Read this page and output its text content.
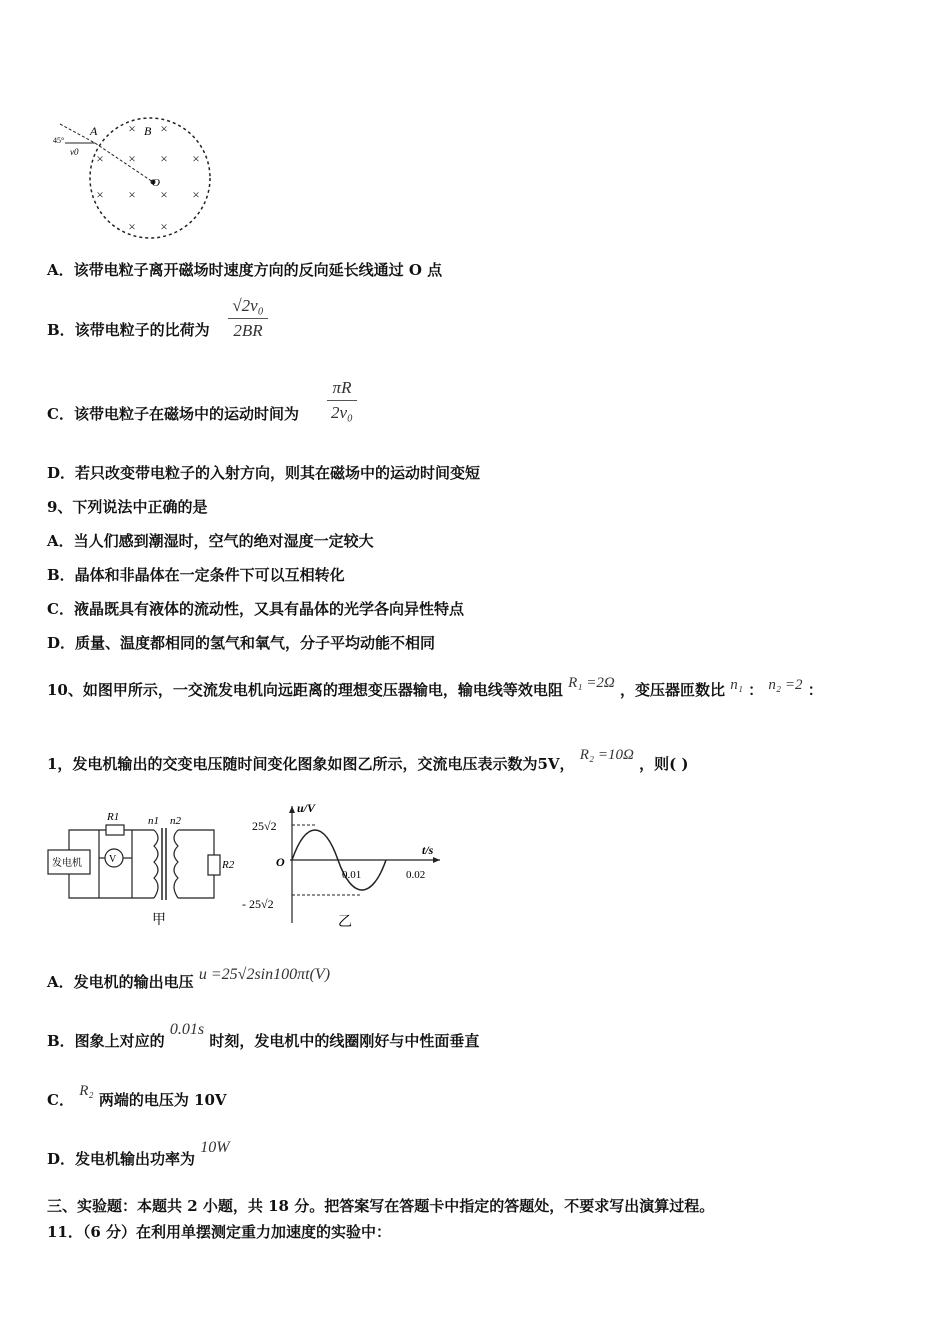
× ×
× × × ×
× × × ×
× ×
A	B
O
45°
v0
A．该带电粒子离开磁场时速度方向的反向延长线通过 O 点
B．该带电粒子的比荷为
√2v₀
2BR
C．该带电粒子在磁场中的运动时间为
πR
2v₀
D．若只改变带电粒子的入射方向，则其在磁场中的运动时间变短
9、下列说法中正确的是
A．当人们感到潮湿时，空气的绝对湿度一定较大
B．晶体和非晶体在一定条件下可以互相转化
C．液晶既具有液体的流动性，又具有晶体的光学各向异性特点
D．质量、温度都相同的氢气和氧气，分子平均动能不相同
10、如图甲所示，一交流发电机向远距离的理想变压器输电，输电线等效电阻 R₁ =2Ω ，变压器匝数比 n₁ ： n₂ =2 ：
1，发电机输出的交变电压随时间变化图象如图乙所示，交流电压表示数为5V， R₂ =10Ω ，则( )
发电机
R1
V	R2
n1 n2
甲
u/V
25√2
- 25√2
O
t/s
0.01	0.02
乙
A．发电机的输出电压 u =25√2sin100πt(V)
B．图象上对应的 0.01s 时刻，发电机中的线圈刚好与中性面垂直
C． R₂ 两端的电压为 10V
D．发电机输出功率为 10W
三、实验题：本题共 2 小题，共 18 分。把答案写在答题卡中指定的答题处，不要求写出演算过程。
11．（6 分）在利用单摆测定重力加速度的实验中：
